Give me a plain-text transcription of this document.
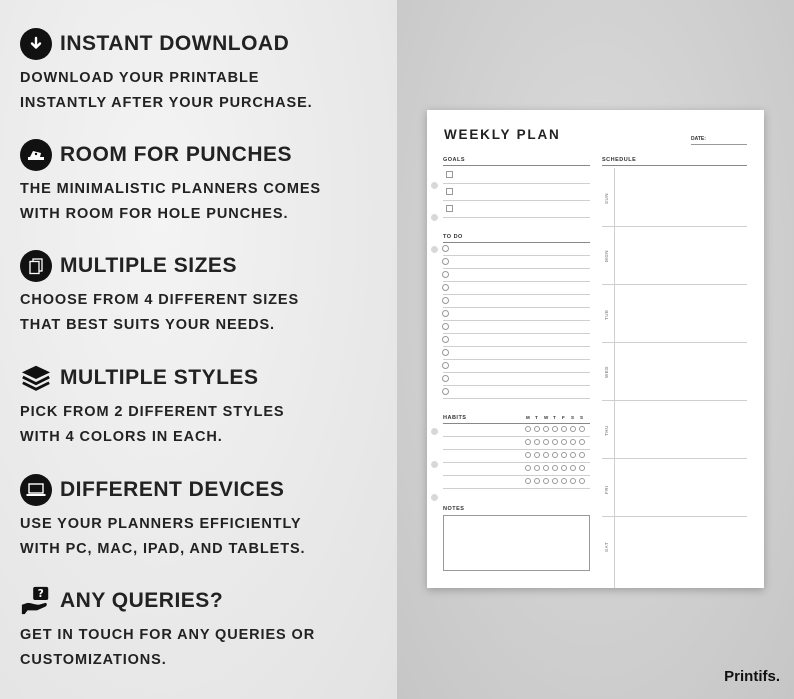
INSTANT DOWNLOAD
DOWNLOAD YOUR PRINTABLE
INSTANTLY AFTER YOUR PURCHASE.
ROOM FOR PUNCHES
THE MINIMALISTIC PLANNERS COMES
WITH ROOM FOR HOLE PUNCHES.
MULTIPLE SIZES
CHOOSE FROM 4 DIFFERENT SIZES
THAT BEST SUITS YOUR NEEDS.
MULTIPLE STYLES
PICK FROM 2 DIFFERENT STYLES
WITH 4 COLORS IN EACH.
DIFFERENT DEVICES
USE YOUR PLANNERS EFFICIENTLY
WITH PC, MAC, IPAD, AND TABLETS.
? ANY QUERIES?
GET IN TOUCH FOR ANY QUERIES OR
CUSTOMIZATIONS.
WEEKLY PLAN	DATE:
GOALS	SCHEDULE
TO DO
HABITS	M T W T F S S
NOTES
SUN
MON
TUE
WED
THU
FRI
SAT
Printifs.
